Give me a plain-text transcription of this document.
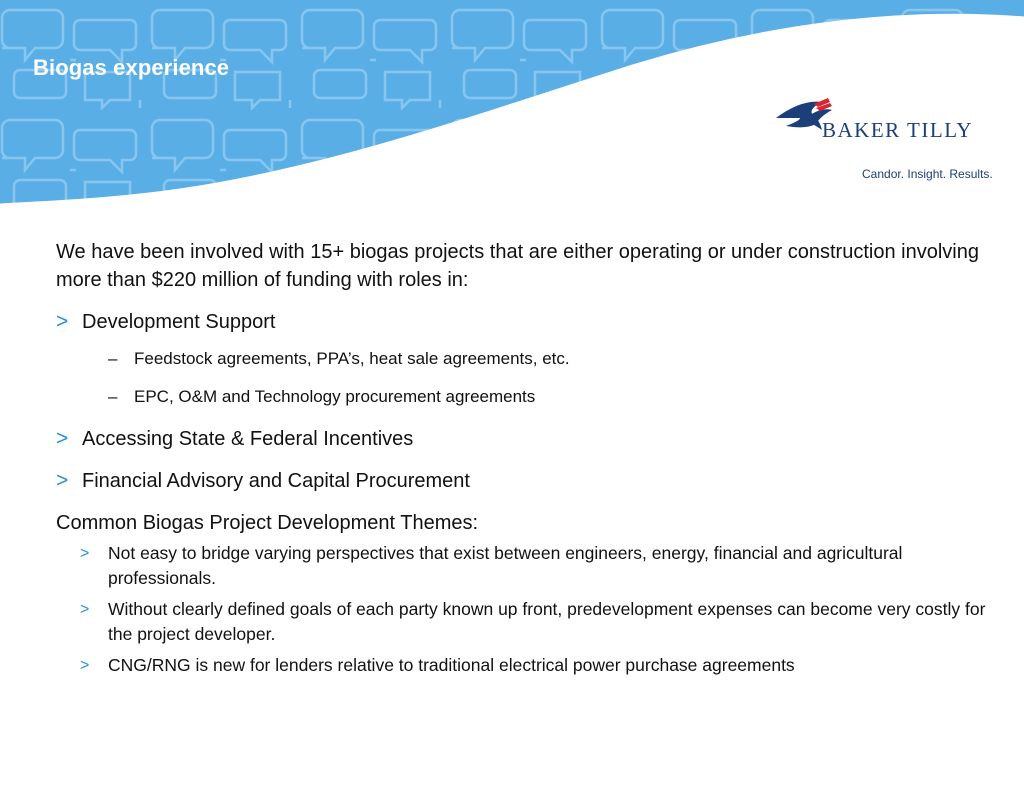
Biogas experience
BAKER TILLY
Candor. Insight. Results.

We have been involved with 15+ biogas projects that are either operating or under construction involving more than $220 million of funding with roles in:

> Development Support
– Feedstock agreements, PPA’s, heat sale agreements, etc.
– EPC, O&M and Technology procurement agreements
> Accessing State & Federal Incentives
> Financial Advisory and Capital Procurement
Common Biogas Project Development Themes:
> Not easy to bridge varying perspectives that exist between engineers, energy, financial and agricultural professionals.
> Without clearly defined goals of each party known up front, predevelopment expenses can become very costly for the project developer.
> CNG/RNG is new for lenders relative to traditional electrical power purchase agreements
